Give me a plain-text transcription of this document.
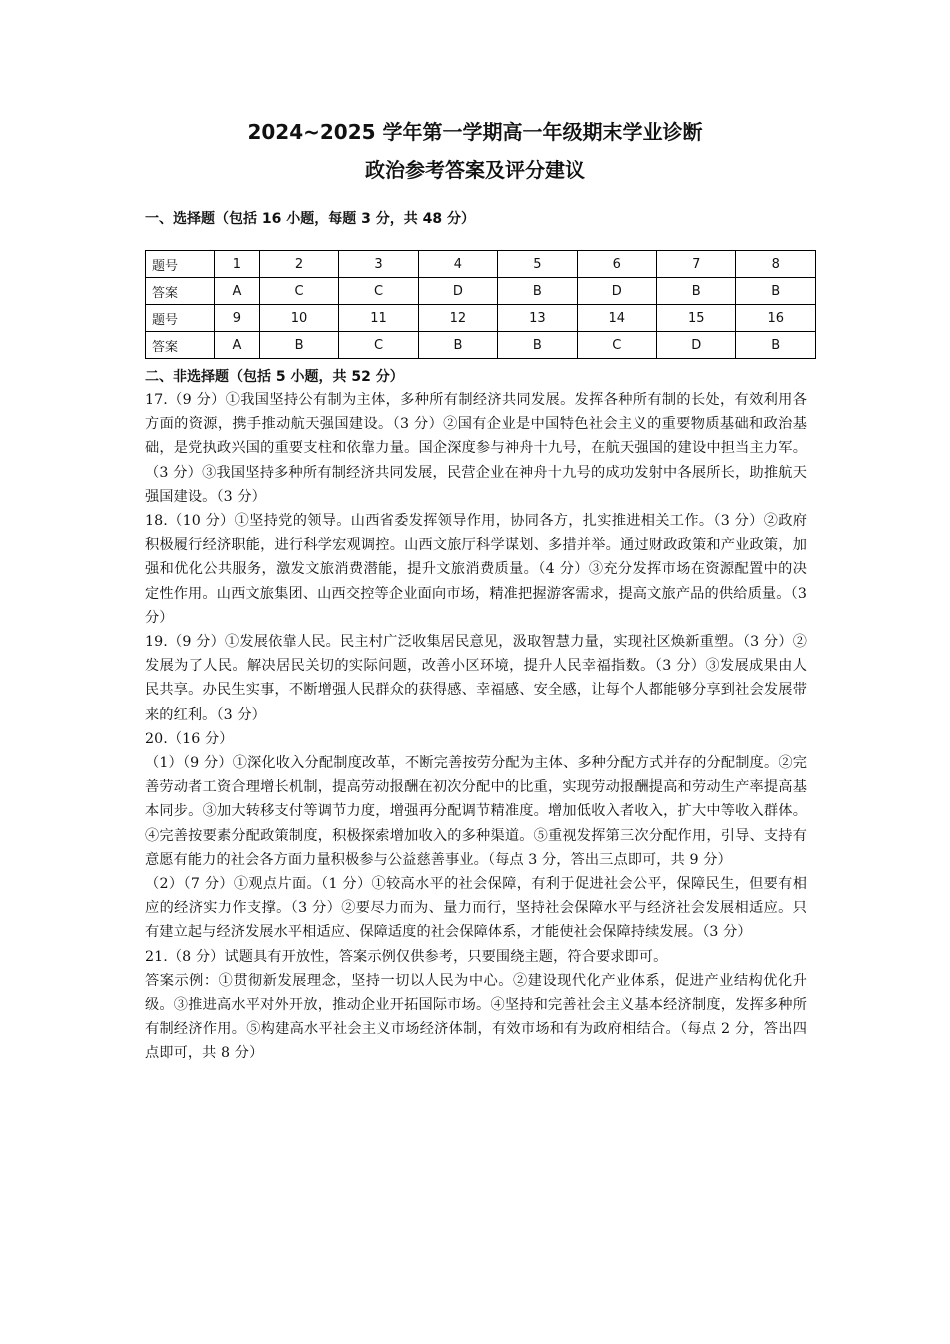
2024~2025 学年第一学期高一年级期末学业诊断
政治参考答案及评分建议
一、选择题（包括 16 小题，每题 3 分，共 48 分）
题号	1	2	3	4	5	6	7	8
答案	A	C	C	D	B	D	B	B
题号	9	10	11	12	13	14	15	16
答案	A	B	C	B	B	C	D	B
二、非选择题（包括 5 小题，共 52 分）

17.（9 分）①我国坚持公有制为主体，多种所有制经济共同发展。发挥各种所有制的长处，有效利用各方面的资源，携手推动航天强国建设。（3 分）②国有企业是中国特色社会主义的重要物质基础和政治基础，是党执政兴国的重要支柱和依靠力量。国企深度参与神舟十九号，在航天强国的建设中担当主力军。（3 分）③我国坚持多种所有制经济共同发展，民营企业在神舟十九号的成功发射中各展所长，助推航天强国建设。（3 分）

18.（10 分）①坚持党的领导。山西省委发挥领导作用，协同各方，扎实推进相关工作。（3 分）②政府积极履行经济职能，进行科学宏观调控。山西文旅厅科学谋划、多措并举。通过财政政策和产业政策，加强和优化公共服务，激发文旅消费潜能，提升文旅消费质量。（4 分）③充分发挥市场在资源配置中的决定性作用。山西文旅集团、山西交控等企业面向市场，精准把握游客需求，提高文旅产品的供给质量。（3 分）

19.（9 分）①发展依靠人民。民主村广泛收集居民意见，汲取智慧力量，实现社区焕新重塑。（3 分）②发展为了人民。解决居民关切的实际问题，改善小区环境，提升人民幸福指数。（3 分）③发展成果由人民共享。办民生实事，不断增强人民群众的获得感、幸福感、安全感，让每个人都能够分享到社会发展带来的红利。（3 分）

20.（16 分）

（1）（9 分）①深化收入分配制度改革，不断完善按劳分配为主体、多种分配方式并存的分配制度。②完善劳动者工资合理增长机制，提高劳动报酬在初次分配中的比重，实现劳动报酬提高和劳动生产率提高基本同步。③加大转移支付等调节力度，增强再分配调节精准度。增加低收入者收入，扩大中等收入群体。④完善按要素分配政策制度，积极探索增加收入的多种渠道。⑤重视发挥第三次分配作用，引导、支持有意愿有能力的社会各方面力量积极参与公益慈善事业。（每点 3 分，答出三点即可，共 9 分）

（2）（7 分）①观点片面。（1 分）①较高水平的社会保障，有利于促进社会公平，保障民生，但要有相应的经济实力作支撑。（3 分）②要尽力而为、量力而行，坚持社会保障水平与经济社会发展相适应。只有建立起与经济发展水平相适应、保障适度的社会保障体系，才能使社会保障持续发展。（3 分）

21.（8 分）试题具有开放性，答案示例仅供参考，只要围绕主题，符合要求即可。

答案示例：①贯彻新发展理念，坚持一切以人民为中心。②建设现代化产业体系，促进产业结构优化升级。③推进高水平对外开放，推动企业开拓国际市场。④坚持和完善社会主义基本经济制度，发挥多种所有制经济作用。⑤构建高水平社会主义市场经济体制，有效市场和有为政府相结合。（每点 2 分，答出四点即可，共 8 分）
